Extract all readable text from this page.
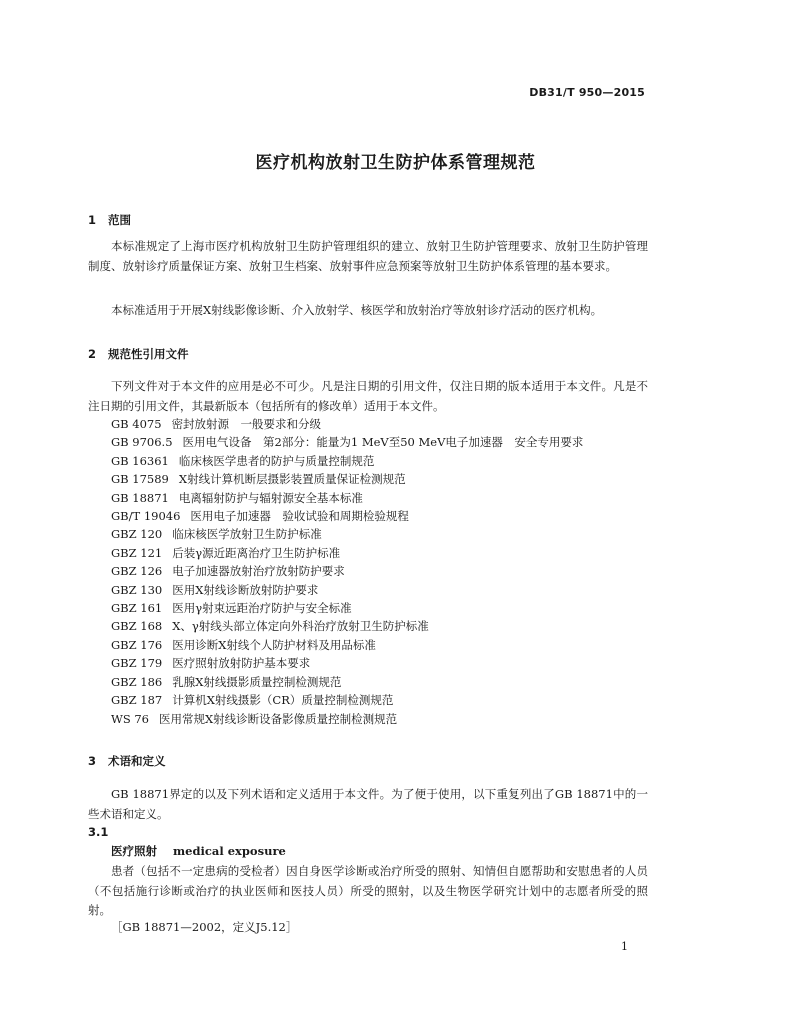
DB31/T 950—2015
医疗机构放射卫生防护体系管理规范
1 范围

本标准规定了上海市医疗机构放射卫生防护管理组织的建立、放射卫生防护管理要求、放射卫生防护管理制度、放射诊疗质量保证方案、放射卫生档案、放射事件应急预案等放射卫生防护体系管理的基本要求。

本标准适用于开展X射线影像诊断、介入放射学、核医学和放射治疗等放射诊疗活动的医疗机构。

2 规范性引用文件

下列文件对于本文件的应用是必不可少。凡是注日期的引用文件，仅注日期的版本适用于本文件。凡是不注日期的引用文件，其最新版本（包括所有的修改单）适用于本文件。

GB 4075 密封放射源　一般要求和分级
GB 9706.5 医用电气设备　第2部分：能量为1 MeV至50 MeV电子加速器　安全专用要求
GB 16361 临床核医学患者的防护与质量控制规范
GB 17589 X射线计算机断层摄影装置质量保证检测规范
GB 18871 电离辐射防护与辐射源安全基本标准
GB/T 19046 医用电子加速器　验收试验和周期检验规程
GBZ 120 临床核医学放射卫生防护标准
GBZ 121 后装γ源近距离治疗卫生防护标准
GBZ 126 电子加速器放射治疗放射防护要求
GBZ 130 医用X射线诊断放射防护要求
GBZ 161 医用γ射束远距治疗防护与安全标准
GBZ 168 X、γ射线头部立体定向外科治疗放射卫生防护标准
GBZ 176 医用诊断X射线个人防护材料及用品标准
GBZ 179 医疗照射放射防护基本要求
GBZ 186 乳腺X射线摄影质量控制检测规范
GBZ 187 计算机X射线摄影（CR）质量控制检测规范
WS 76 医用常规X射线诊断设备影像质量控制检测规范
3 术语和定义

GB 18871界定的以及下列术语和定义适用于本文件。为了便于使用，以下重复列出了GB 18871中的一些术语和定义。

3.1
医疗照射 medical exposure

患者（包括不一定患病的受检者）因自身医学诊断或治疗所受的照射、知情但自愿帮助和安慰患者的人员（不包括施行诊断或治疗的执业医师和医技人员）所受的照射，以及生物医学研究计划中的志愿者所受的照射。

［GB 18871—2002，定义J5.12］
1
